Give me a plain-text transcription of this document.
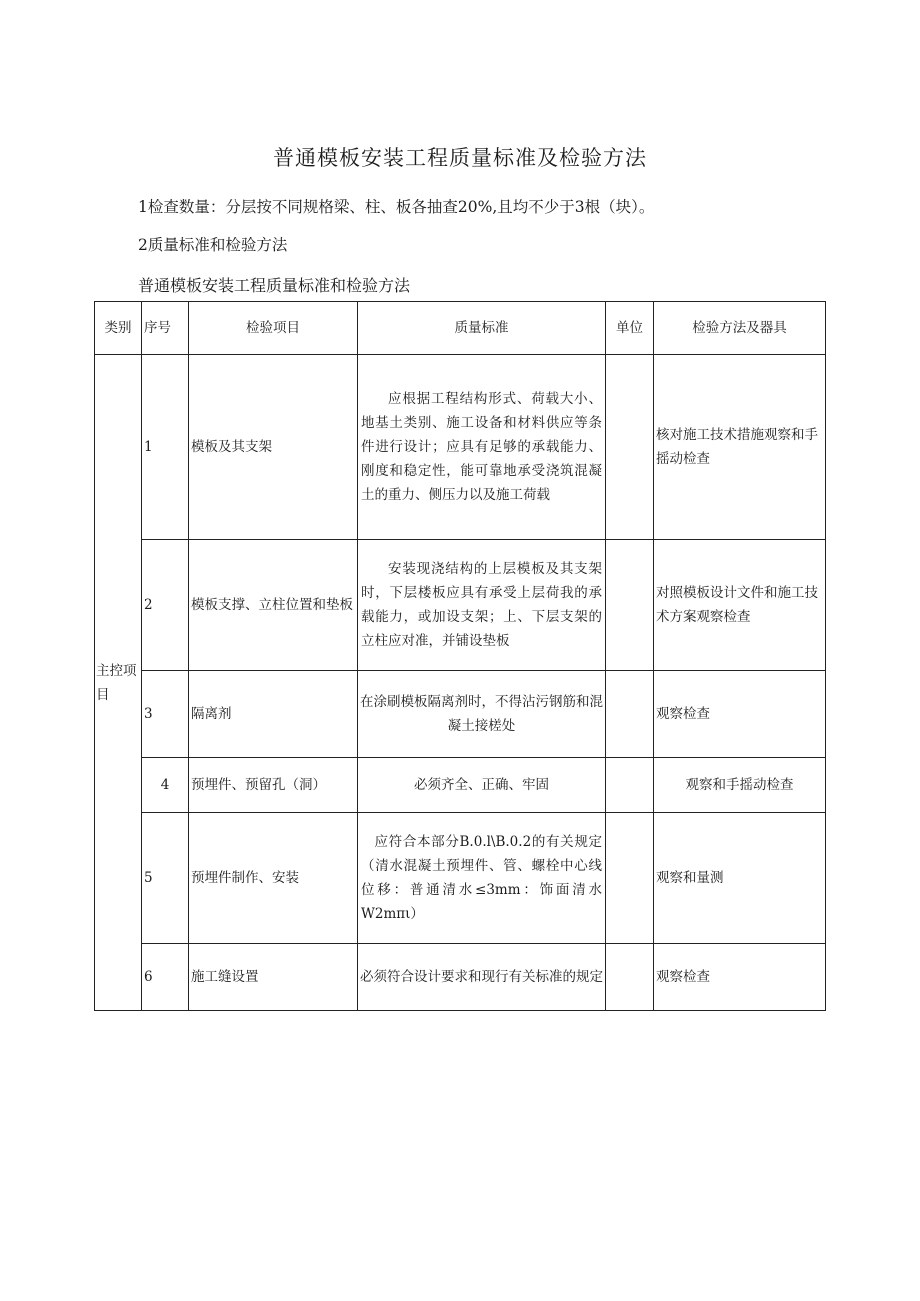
普通模板安装工程质量标准及检验方法
1检查数量：分层按不同规格梁、柱、板各抽查20%,且均不少于3根（块）。
2质量标准和检验方法
普通模板安装工程质量标准和检验方法
类别	序号	检验项目	质量标准	单位	检验方法及器具
主控项目	1	模板及其支架	应根据工程结构形式、荷载大小、地基土类别、施工设备和材料供应等条件进行设计；应具有足够的承载能力、刚度和稳定性，能可靠地承受浇筑混凝土的重力、侧压力以及施工荷载		核对施工技术措施观察和手摇动检查
	2	模板支撑、立柱位置和垫板	安装现浇结构的上层模板及其支架时，下层楼板应具有承受上层荷我的承载能力，或加设支架；上、下层支架的立柱应对准，并铺设垫板		对照模板设计文件和施工技术方案观察检查
	3	隔离剂	在涂刷模板隔离剂时，不得沾污钢筋和混凝土接槎处		观察检查
	4	预埋件、预留孔（洞）	必须齐全、正确、牢固		观察和手摇动检查
	5	预埋件制作、安装	应符合本部分B.0.l\B.0.2的有关规定（清水混凝土预埋件、管、螺栓中心线位移：普通清水≤3mm：饰面清水W2mπι）		观察和量测
	6	施工缝设置	必须符合设计要求和现行有关标准的规定		观察检查
